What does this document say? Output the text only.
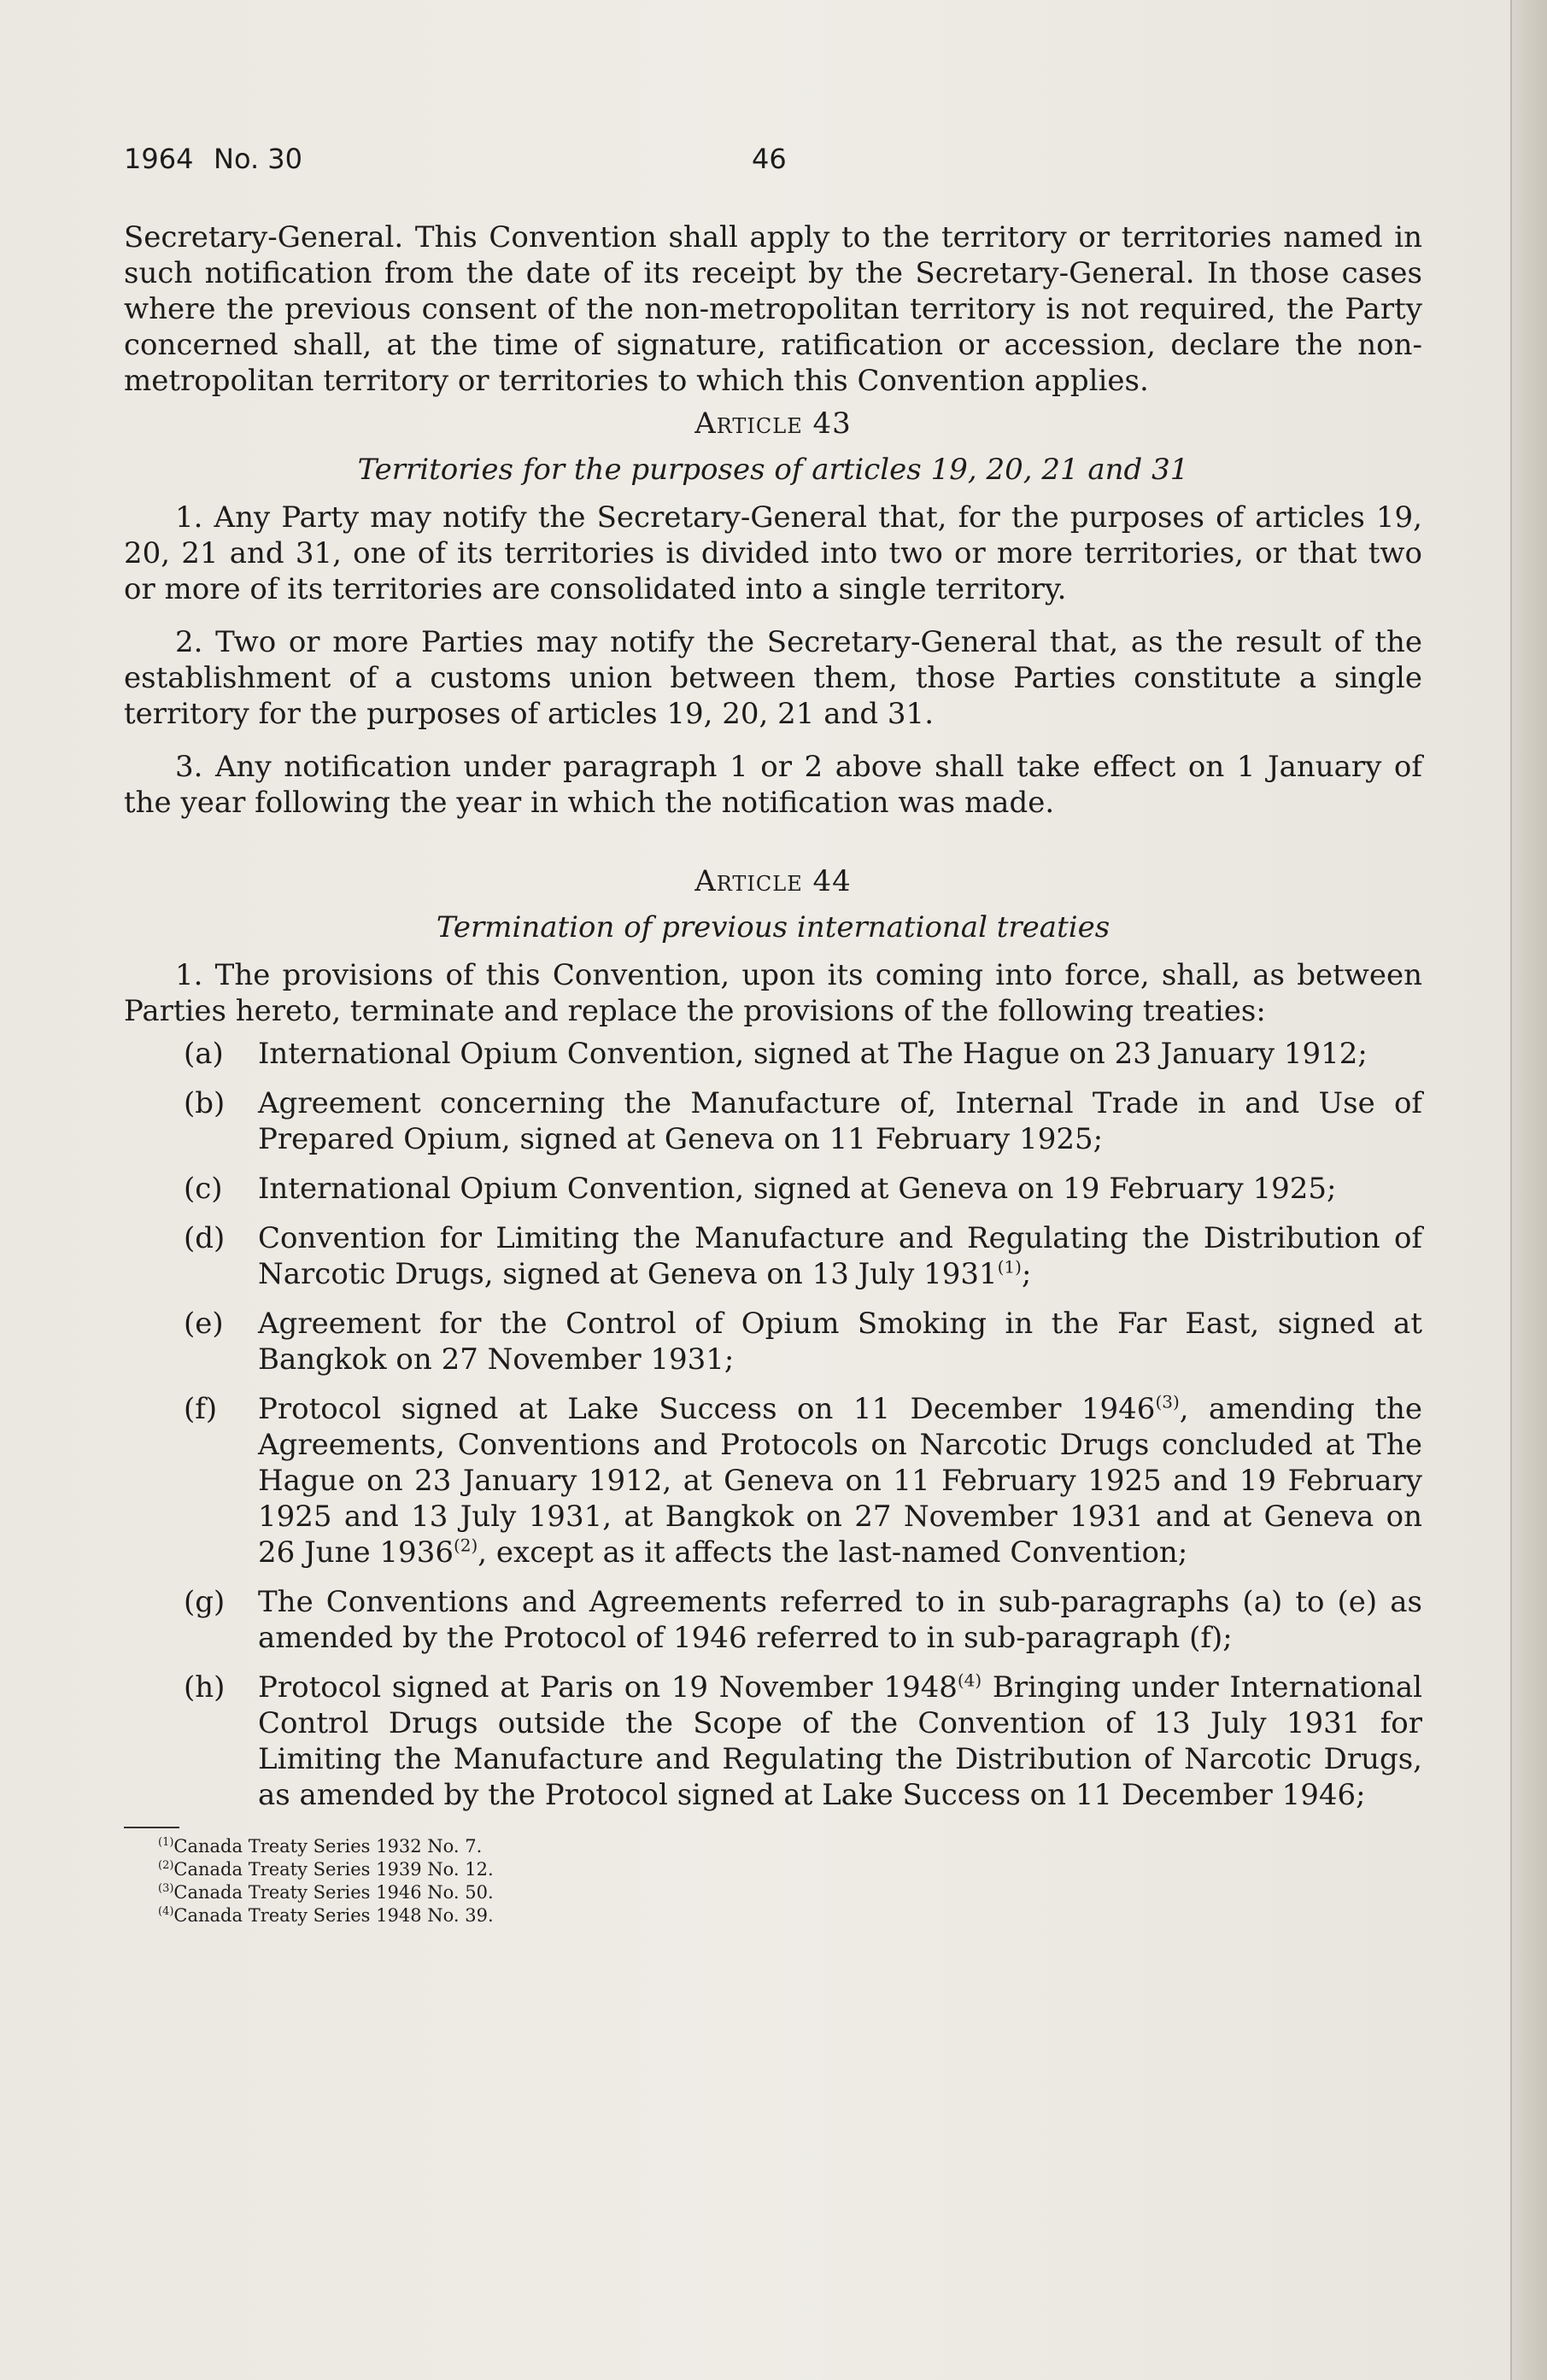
1964 No. 30	46

Secretary-General. This Convention shall apply to the territory or territories named in such notification from the date of its receipt by the Secretary-General. In those cases where the previous consent of the non-metropolitan territory is not required, the Party concerned shall, at the time of signature, ratification or accession, declare the non-metropolitan territory or territories to which this Convention applies.

Article 43
Territories for the purposes of articles 19, 20, 21 and 31

1. Any Party may notify the Secretary-General that, for the purposes of articles 19, 20, 21 and 31, one of its territories is divided into two or more territories, or that two or more of its territories are consolidated into a single territory.

2. Two or more Parties may notify the Secretary-General that, as the result of the establishment of a customs union between them, those Parties constitute a single territory for the purposes of articles 19, 20, 21 and 31.

3. Any notification under paragraph 1 or 2 above shall take effect on 1 January of the year following the year in which the notification was made.

Article 44
Termination of previous international treaties

1. The provisions of this Convention, upon its coming into force, shall, as between Parties hereto, terminate and replace the provisions of the following treaties:

(a) International Opium Convention, signed at The Hague on 23 January 1912;
(b) Agreement concerning the Manufacture of, Internal Trade in and Use of Prepared Opium, signed at Geneva on 11 February 1925;
(c) International Opium Convention, signed at Geneva on 19 February 1925;
(d) Convention for Limiting the Manufacture and Regulating the Distribution of Narcotic Drugs, signed at Geneva on 13 July 1931$^{(1)}$;
(e) Agreement for the Control of Opium Smoking in the Far East, signed at Bangkok on 27 November 1931;
(f) Protocol signed at Lake Success on 11 December 1946$^{(3)}$, amending the Agreements, Conventions and Protocols on Narcotic Drugs concluded at The Hague on 23 January 1912, at Geneva on 11 February 1925 and 19 February 1925 and 13 July 1931, at Bangkok on 27 November 1931 and at Geneva on 26 June 1936$^{(2)}$, except as it affects the last-named Convention;
(g) The Conventions and Agreements referred to in sub-paragraphs (a) to (e) as amended by the Protocol of 1946 referred to in sub-paragraph (f);
(h) Protocol signed at Paris on 19 November 1948$^{(4)}$ Bringing under International Control Drugs outside the Scope of the Convention of 13 July 1931 for Limiting the Manufacture and Regulating the Distribution of Narcotic Drugs, as amended by the Protocol signed at Lake Success on 11 December 1946;
$^{(1)}$Canada Treaty Series 1932 No. 7.
$^{(2)}$Canada Treaty Series 1939 No. 12.
$^{(3)}$Canada Treaty Series 1946 No. 50.
$^{(4)}$Canada Treaty Series 1948 No. 39.
